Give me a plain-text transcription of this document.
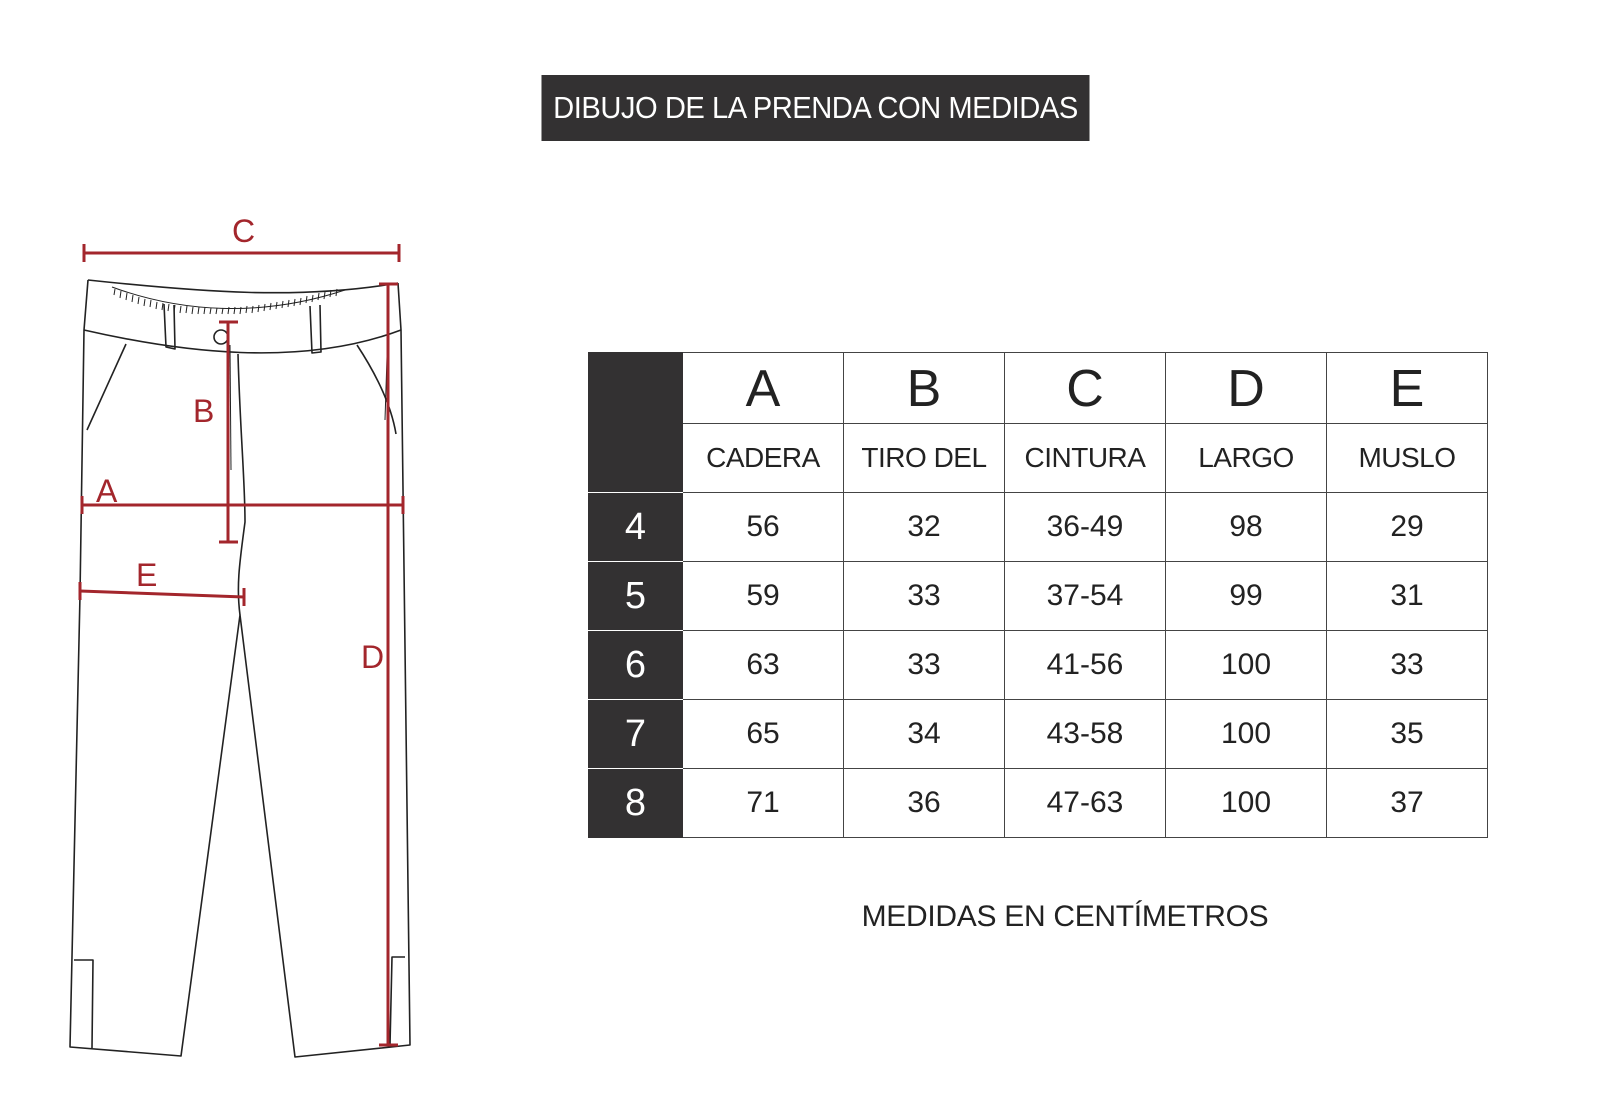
DIBUJO DE LA PRENDA CON MEDIDAS
C
B
A
E
D
	A	B	C	D	E
	CADERA	TIRO DEL	CINTURA	LARGO	MUSLO
4	56	32	36-49	98	29
5	59	33	37-54	99	31
6	63	33	41-56	100	33
7	65	34	43-58	100	35
8	71	36	47-63	100	37
MEDIDAS EN CENTÍMETROS
